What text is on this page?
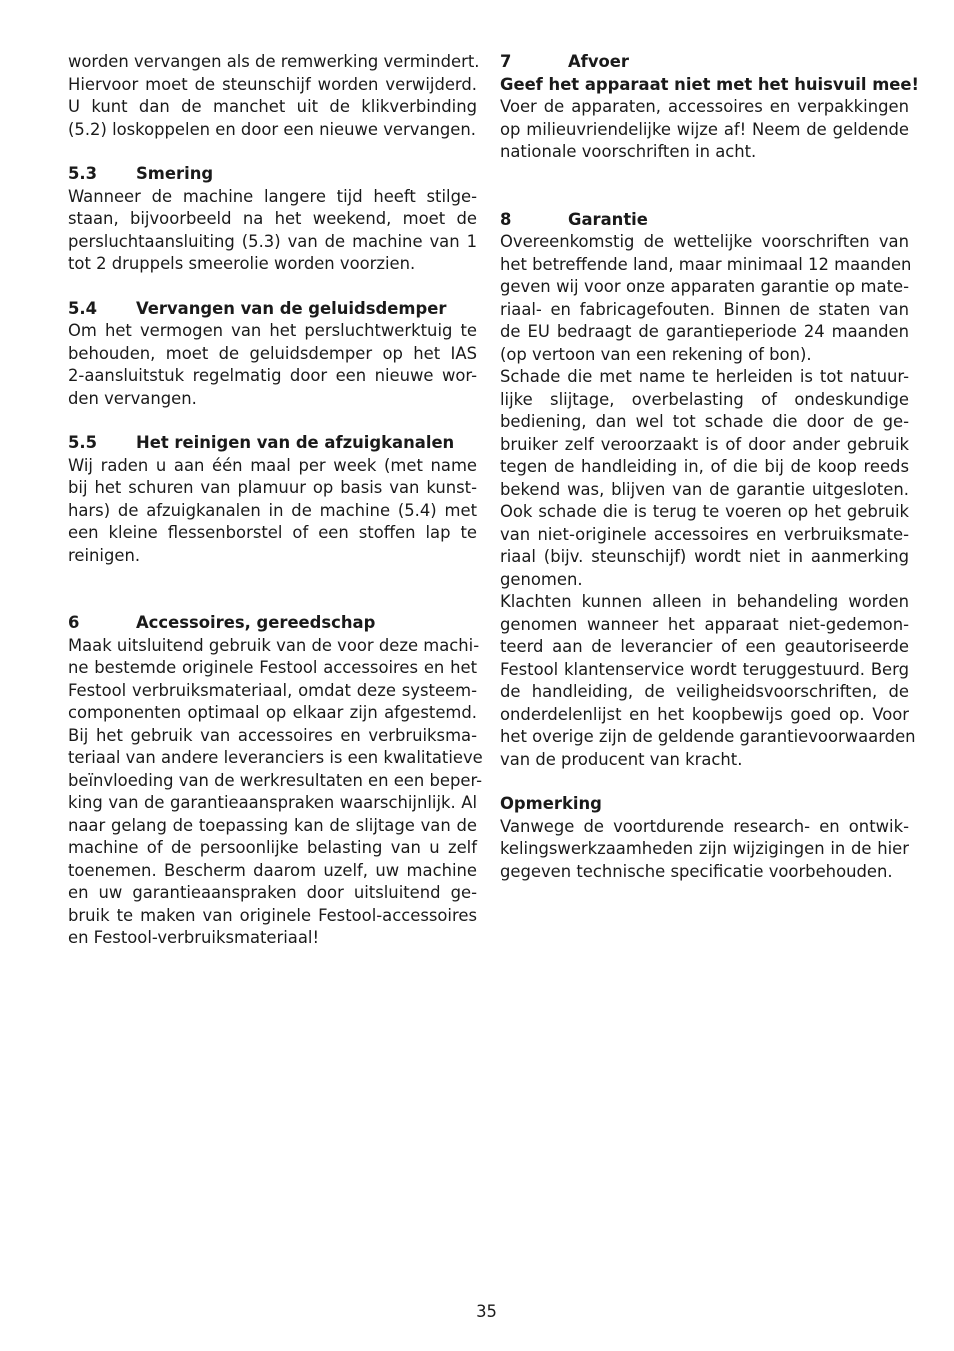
worden vervangen als de remwerking vermindert.
Hiervoor moet de steunschijf worden verwijderd.
U kunt dan de manchet uit de klikverbinding
(5.2) loskoppelen en door een nieuwe vervangen.
5.3 Smering
Wanneer de machine langere tijd heeft stilge-
staan, bijvoorbeeld na het weekend, moet de
persluchtaansluiting (5.3) van de machine van 1
tot 2 druppels smeerolie worden voorzien.
5.4 Vervangen van de geluidsdemper
Om het vermogen van het persluchtwerktuig te
behouden, moet de geluidsdemper op het IAS
2-aansluitstuk regelmatig door een nieuwe wor-
den vervangen.
5.5 Het reinigen van de afzuigkanalen
Wij raden u aan één maal per week (met name
bij het schuren van plamuur op basis van kunst-
hars) de afzuigkanalen in de machine (5.4) met
een kleine flessenborstel of een stoffen lap te
reinigen.
6	Accessoires, gereedschap
Maak uitsluitend gebruik van de voor deze machi-
ne bestemde originele Festool accessoires en het
Festool verbruiksmateriaal, omdat deze systeem-
componenten optimaal op elkaar zijn afgestemd.
Bij het gebruik van accessoires en verbruiksma-
teriaal van andere leveranciers is een kwalitatieve
beïnvloeding van de werkresultaten en een beper-
king van de garantieaanspraken waarschijnlijk. Al
naar gelang de toepassing kan de slijtage van de
machine of de persoonlijke belasting van u zelf
toenemen. Bescherm daarom uzelf, uw machine
en uw garantieaanspraken door uitsluitend ge-
bruik te maken van originele Festool-accessoires
en Festool-verbruiksmateriaal!
7	Afvoer
Geef het apparaat niet met het huisvuil mee!
Voer de apparaten, accessoires en verpakkingen
op milieuvriendelijke wijze af! Neem de geldende
nationale voorschriften in acht.
8	Garantie
Overeenkomstig de wettelijke voorschriften van
het betreffende land, maar minimaal 12 maanden
geven wij voor onze apparaten garantie op mate-
riaal- en fabricagefouten. Binnen de staten van
de EU bedraagt de garantieperiode 24 maanden
(op vertoon van een rekening of bon).
Schade die met name te herleiden is tot natuur-
lijke slijtage, overbelasting of ondeskundige
bediening, dan wel tot schade die door de ge-
bruiker zelf veroorzaakt is of door ander gebruik
tegen de handleiding in, of die bij de koop reeds
bekend was, blijven van de garantie uitgesloten.
Ook schade die is terug te voeren op het gebruik
van niet-originele accessoires en verbruiksmate-
riaal (bijv. steunschijf) wordt niet in aanmerking
genomen.
Klachten kunnen alleen in behandeling worden
genomen wanneer het apparaat niet-gedemon-
teerd aan de leverancier of een geautoriseerde
Festool klantenservice wordt teruggestuurd. Berg
de handleiding, de veiligheidsvoorschriften, de
onderdelenlijst en het koopbewijs goed op. Voor
het overige zijn de geldende garantievoorwaarden
van de producent van kracht.
Opmerking
Vanwege de voortdurende research- en ontwik-
kelingswerkzaamheden zijn wijzigingen in de hier
gegeven technische specificatie voorbehouden.
35
